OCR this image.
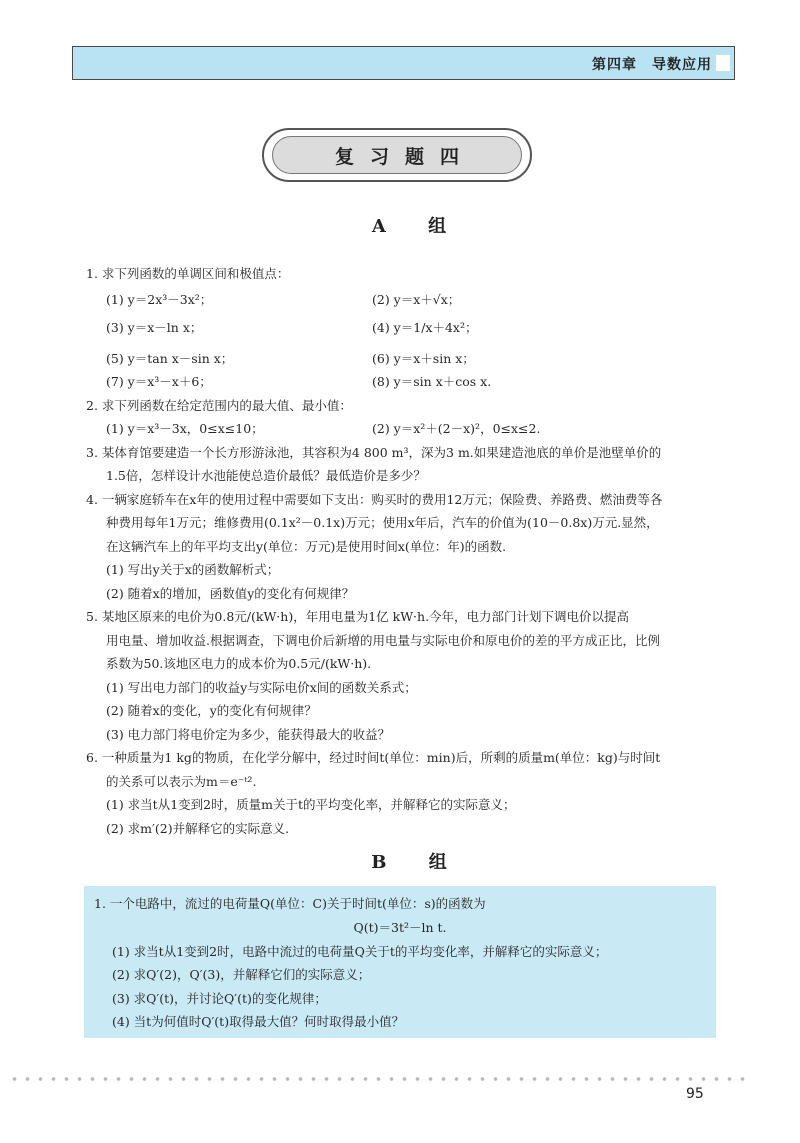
第四章　导数应用
复习题四
A 组
1. 求下列函数的单调区间和极值点：
(1) y＝2x³－3x²；	(2) y＝x＋√x；
(3) y＝x－ln x；	(4) y＝1/x＋4x²；
(5) y＝tan x－sin x；	(6) y＝x＋sin x；
(7) y＝x³－x＋6；	(8) y＝sin x＋cos x.
2. 求下列函数在给定范围内的最大值、最小值：
(1) y＝x³－3x，0≤x≤10；	(2) y＝x²＋(2－x)²，0≤x≤2.
3. 某体育馆要建造一个长方形游泳池，其容积为4 800 m³，深为3 m.如果建造池底的单价是池壁单价的
1.5倍，怎样设计水池能使总造价最低？最低造价是多少？
4. 一辆家庭轿车在x年的使用过程中需要如下支出：购买时的费用12万元；保险费、养路费、燃油费等各
种费用每年1万元；维修费用(0.1x²－0.1x)万元；使用x年后，汽车的价值为(10－0.8x)万元.显然，
在这辆汽车上的年平均支出y(单位：万元)是使用时间x(单位：年)的函数.
(1) 写出y关于x的函数解析式；
(2) 随着x的增加，函数值y的变化有何规律？
5. 某地区原来的电价为0.8元/(kW·h)，年用电量为1亿 kW·h.今年，电力部门计划下调电价以提高
用电量、增加收益.根据调查，下调电价后新增的用电量与实际电价和原电价的差的平方成正比，比例
系数为50.该地区电力的成本价为0.5元/(kW·h).
(1) 写出电力部门的收益y与实际电价x间的函数关系式；
(2) 随着x的变化，y的变化有何规律？
(3) 电力部门将电价定为多少，能获得最大的收益？
6. 一种质量为1 kg的物质，在化学分解中，经过时间t(单位：min)后，所剩的质量m(单位：kg)与时间t
的关系可以表示为m＝e⁻ᵗ².
(1) 求当t从1变到2时，质量m关于t的平均变化率，并解释它的实际意义；
(2) 求m′(2)并解释它的实际意义.
B 组
1. 一个电路中，流过的电荷量Q(单位：C)关于时间t(单位：s)的函数为
Q(t)＝3t²－ln t.
(1) 求当t从1变到2时，电路中流过的电荷量Q关于t的平均变化率，并解释它的实际意义；
(2) 求Q′(2)，Q′(3)，并解释它们的实际意义；
(3) 求Q′(t)，并讨论Q′(t)的变化规律；
(4) 当t为何值时Q′(t)取得最大值？何时取得最小值？
95
